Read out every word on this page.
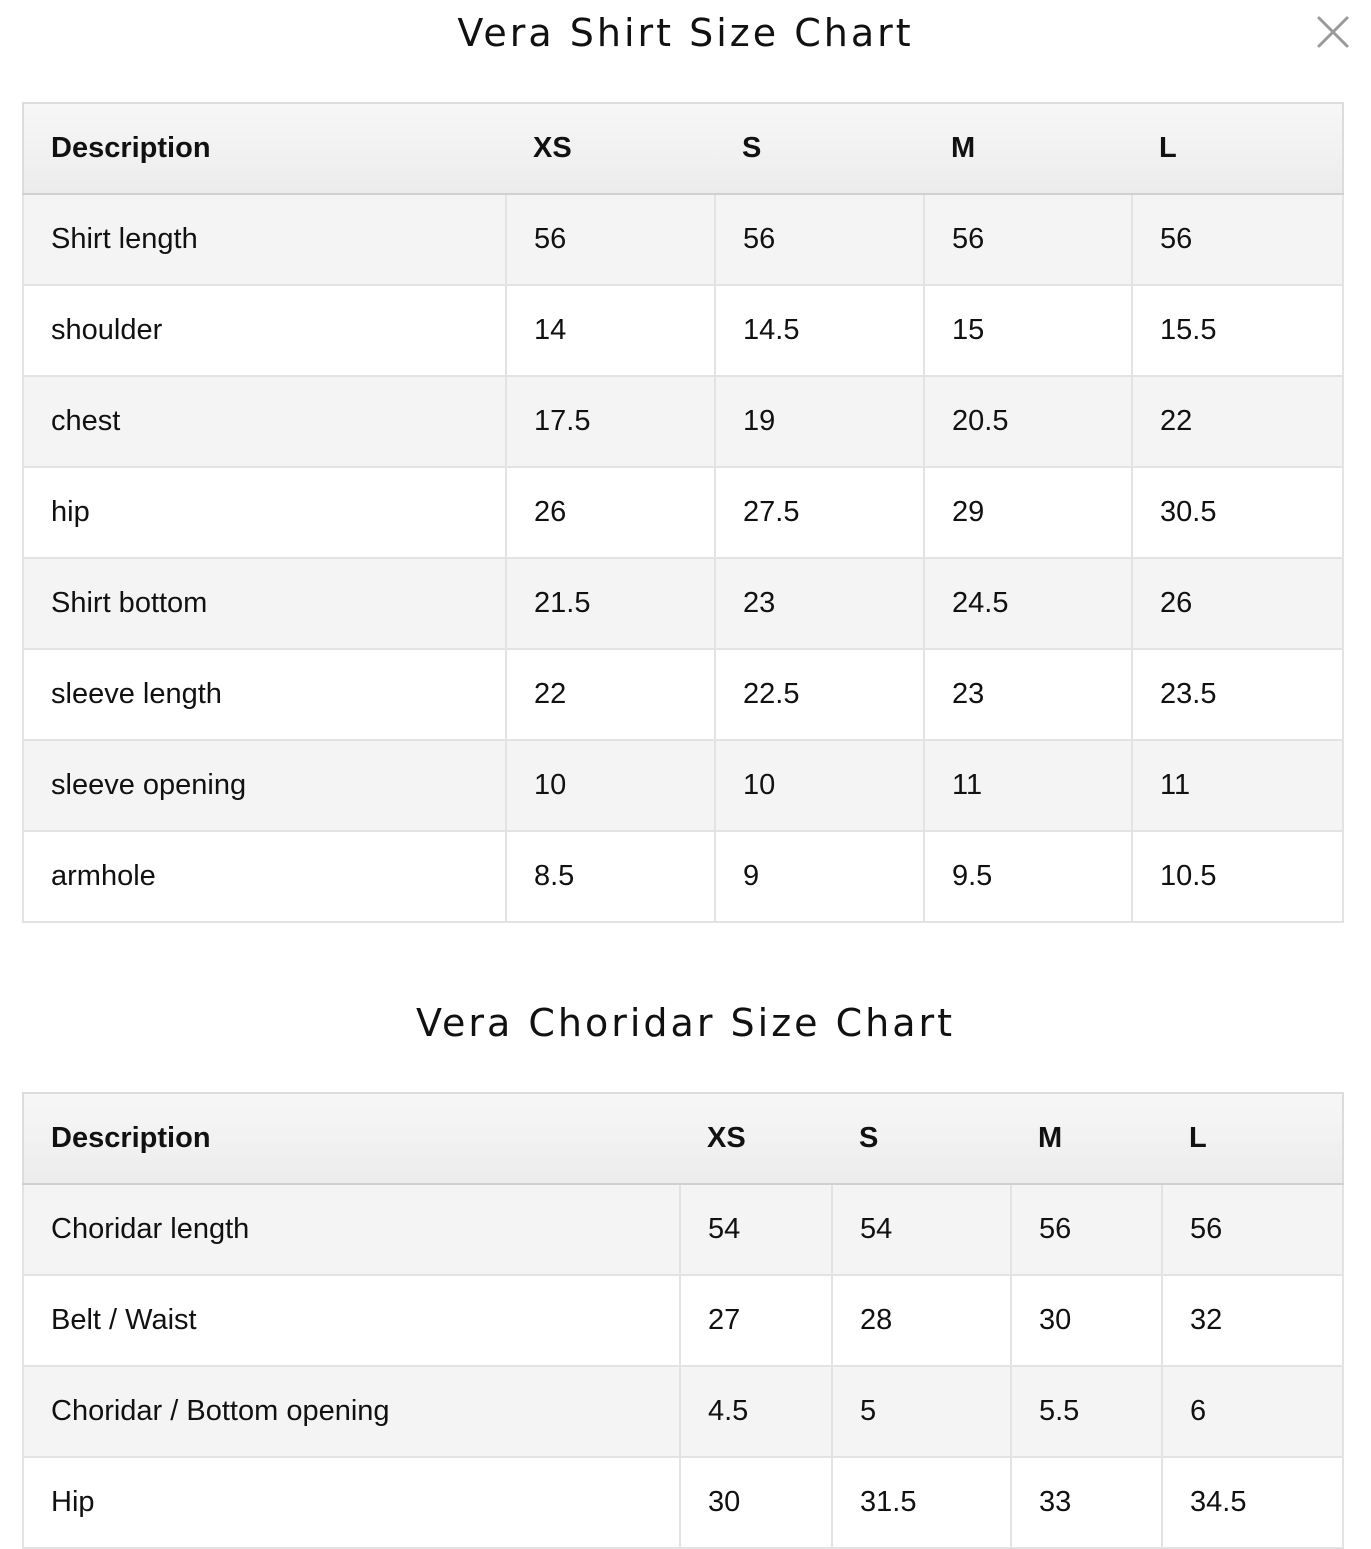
Vera Shirt Size Chart
Description	XS	S	M	L
Shirt length	56	56	56	56
shoulder	14	14.5	15	15.5
chest	17.5	19	20.5	22
hip	26	27.5	29	30.5
Shirt bottom	21.5	23	24.5	26
sleeve length	22	22.5	23	23.5
sleeve opening	10	10	11	11
armhole	8.5	9	9.5	10.5
Vera Choridar Size Chart
Description	XS	S	M	L
Choridar length	54	54	56	56
Belt / Waist	27	28	30	32
Choridar / Bottom opening	4.5	5	5.5	6
Hip	30	31.5	33	34.5
